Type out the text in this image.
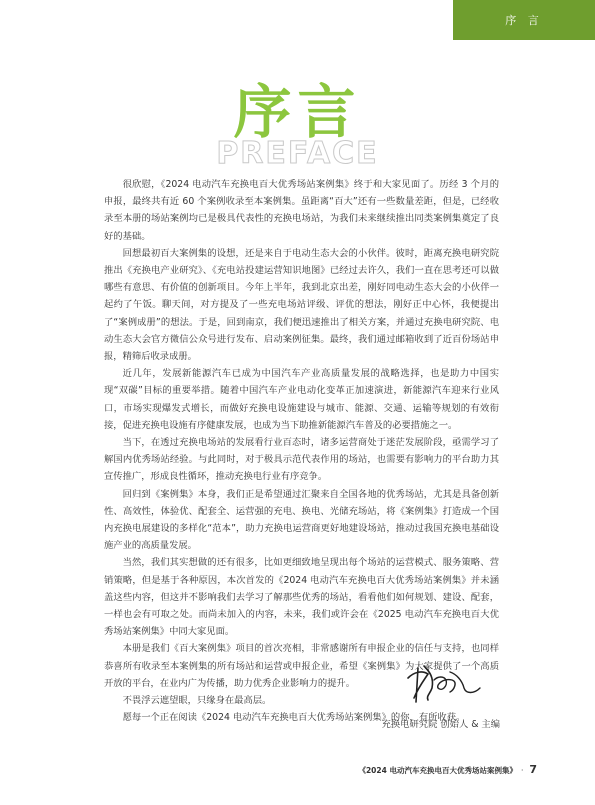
序 言
PREFACE
序言

很欣慰，《2024 电动汽车充换电百大优秀场站案例集》终于和大家见面了。历经 3 个月的申报，最终共有近 60 个案例收录至本案例集。虽距离“百大”还有一些数量差距，但是，已经收录至本册的场站案例均已是极具代表性的充换电场站，为我们未来继续推出同类案例集奠定了良好的基础。

回想最初百大案例集的设想，还是来自于电动生态大会的小伙伴。彼时，距离充换电研究院推出《充换电产业研究》、《充电站投建运营知识地图》已经过去许久，我们一直在思考还可以做哪些有意思、有价值的创新项目。今年上半年，我到北京出差，刚好同电动生态大会的小伙伴一起约了午饭。聊天间，对方提及了一些充电场站评级、评优的想法，刚好正中心怀，我便提出了“案例成册”的想法。于是，回到南京，我们便迅速推出了相关方案，并通过充换电研究院、电动生态大会官方微信公众号进行发布、启动案例征集。最终，我们通过邮箱收到了近百份场站申报，精筛后收录成册。

近几年，发展新能源汽车已成为中国汽车产业高质量发展的战略选择，也是助力中国实现“双碳”目标的重要举措。随着中国汽车产业电动化变革正加速演进，新能源汽车迎来行业风口，市场实现爆发式增长，而做好充换电设施建设与城市、能源、交通、运输等规划的有效衔接，促进充换电设施有序健康发展，也成为当下助推新能源汽车普及的必要措施之一。

当下，在透过充换电场站的发展看行业百态时，诸多运营商处于迷茫发展阶段，亟需学习了解国内优秀场站经验。与此同时，对于极具示范代表作用的场站，也需要有影响力的平台助力其宣传推广，形成良性循环，推动充换电行业有序竞争。

回归到《案例集》本身，我们正是希望通过汇聚来自全国各地的优秀场站，尤其是具备创新性、高效性，体验优、配套全、运营强的充电、换电、光储充场站，将《案例集》打造成一个国内充换电展建设的多样化“范本”，助力充换电运营商更好地建设场站，推动过我国充换电基础设施产业的高质量发展。

当然，我们其实想做的还有很多，比如更细致地呈现出每个场站的运营模式、服务策略、营销策略，但是基于各种原因，本次首发的《2024 电动汽车充换电百大优秀场站案例集》并未涵盖这些内容，但这并不影响我们去学习了解那些优秀的场站，看看他们如何规划、建设、配套，一样也会有可取之处。而尚未加入的内容，未来，我们或许会在《2025 电动汽车充换电百大优秀场站案例集》中同大家见面。

本册是我们《百大案例集》项目的首次亮相，非常感谢所有申报企业的信任与支持，也同样恭喜所有收录至本案例集的所有场站和运营或申报企业，希望《案例集》为大家提供了一个高质开放的平台，在业内广为传播，助力优秀企业影响力的提升。

不畏浮云遮望眼，只缘身在最高层。

愿每一个正在阅读《2024 电动汽车充换电百大优秀场站案例集》的你，有所收获。

充换电研究院 创始人 & 主编
《2024 电动汽车充换电百大优秀场站案例集》 · 7
